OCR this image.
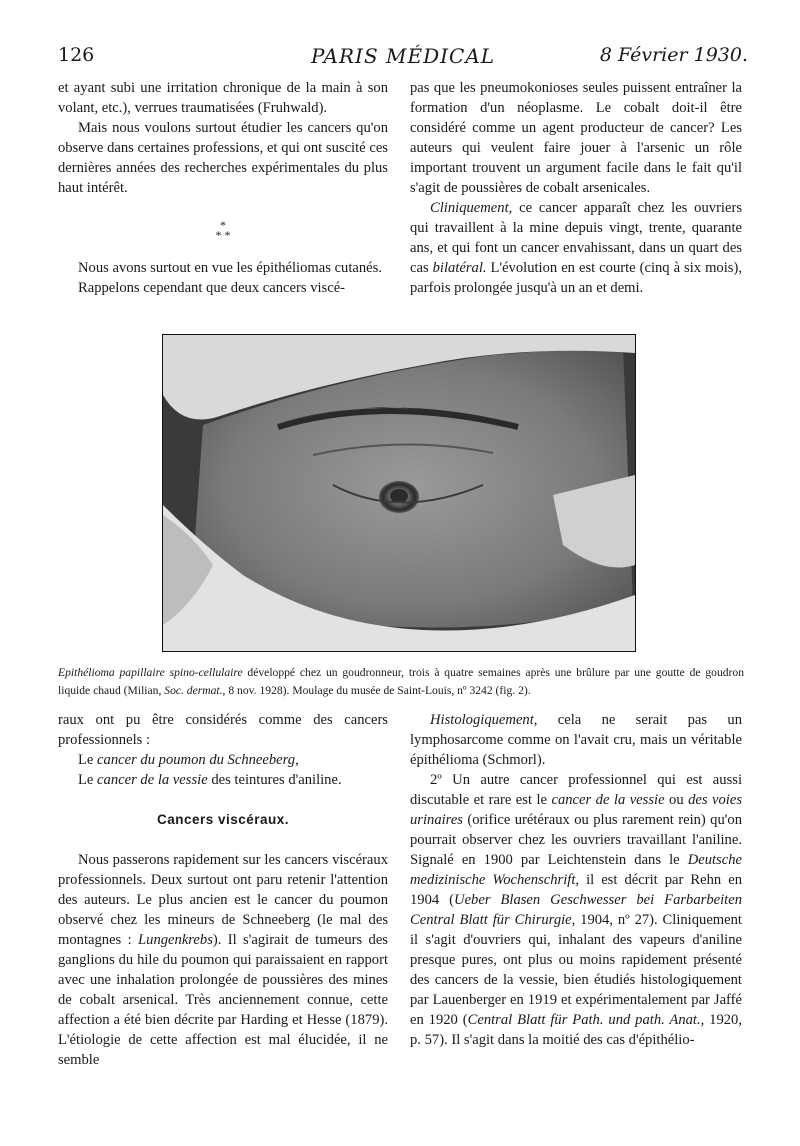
126	PARIS MÉDICAL	8 Février 1930.

et ayant subi une irritation chronique de la main à son volant, etc.), verrues traumatisées (Fruhwald).

Mais nous voulons surtout étudier les cancers qu'on observe dans certaines professions, et qui ont suscité ces dernières années des recherches expérimentales du plus haut intérêt.

*
* *

Nous avons surtout en vue les épithéliomas cutanés.

Rappelons cependant que deux cancers viscé-

pas que les pneumokonioses seules puissent entraîner la formation d'un néoplasme. Le cobalt doit-il être considéré comme un agent producteur de cancer? Les auteurs qui veulent faire jouer à l'arsenic un rôle important trouvent un argument facile dans le fait qu'il s'agit de poussières de cobalt arsenicales.

Cliniquement, ce cancer apparaît chez les ouvriers qui travaillent à la mine depuis vingt, trente, quarante ans, et qui font un cancer envahissant, dans un quart des cas bilatéral. L'évolution en est courte (cinq à six mois), parfois prolongée jusqu'à un an et demi.

Epithélioma papillaire spino-cellulaire développé chez un goudronneur, trois à quatre semaines après une brûlure par une goutte de goudron liquide chaud (Milian, Soc. dermat., 8 nov. 1928). Moulage du musée de Saint-Louis, nº 3242 (fig. 2).

raux ont pu être considérés comme des cancers professionnels :

Le cancer du poumon du Schneeberg,

Le cancer de la vessie des teintures d'aniline.

Cancers viscéraux.

Nous passerons rapidement sur les cancers viscéraux professionnels. Deux surtout ont paru retenir l'attention des auteurs. Le plus ancien est le cancer du poumon observé chez les mineurs de Schneeberg (le mal des montagnes : Lungenkrebs). Il s'agirait de tumeurs des ganglions du hile du poumon qui paraissaient en rapport avec une inhalation prolongée de poussières des mines de cobalt arsenical. Très anciennement connue, cette affection a été bien décrite par Harding et Hesse (1879). L'étiologie de cette affection est mal élucidée, il ne semble

Histologiquement, cela ne serait pas un lymphosarcome comme on l'avait cru, mais un véritable épithélioma (Schmorl).

2º Un autre cancer professionnel qui est aussi discutable et rare est le cancer de la vessie ou des voies urinaires (orifice urétéraux ou plus rarement rein) qu'on pourrait observer chez les ouvriers travaillant l'aniline. Signalé en 1900 par Leichtenstein dans le Deutsche medizinische Wochenschrift, il est décrit par Rehn en 1904 (Ueber Blasen Geschwesser bei Farbarbeiten Central Blatt für Chirurgie, 1904, nº 27). Cliniquement il s'agit d'ouvriers qui, inhalant des vapeurs d'aniline presque pures, ont plus ou moins rapidement présenté des cancers de la vessie, bien étudiés histologiquement par Lauenberger en 1919 et expérimentalement par Jaffé en 1920 (Central Blatt für Path. und path. Anat., 1920, p. 57). Il s'agit dans la moitié des cas d'épithélio-
